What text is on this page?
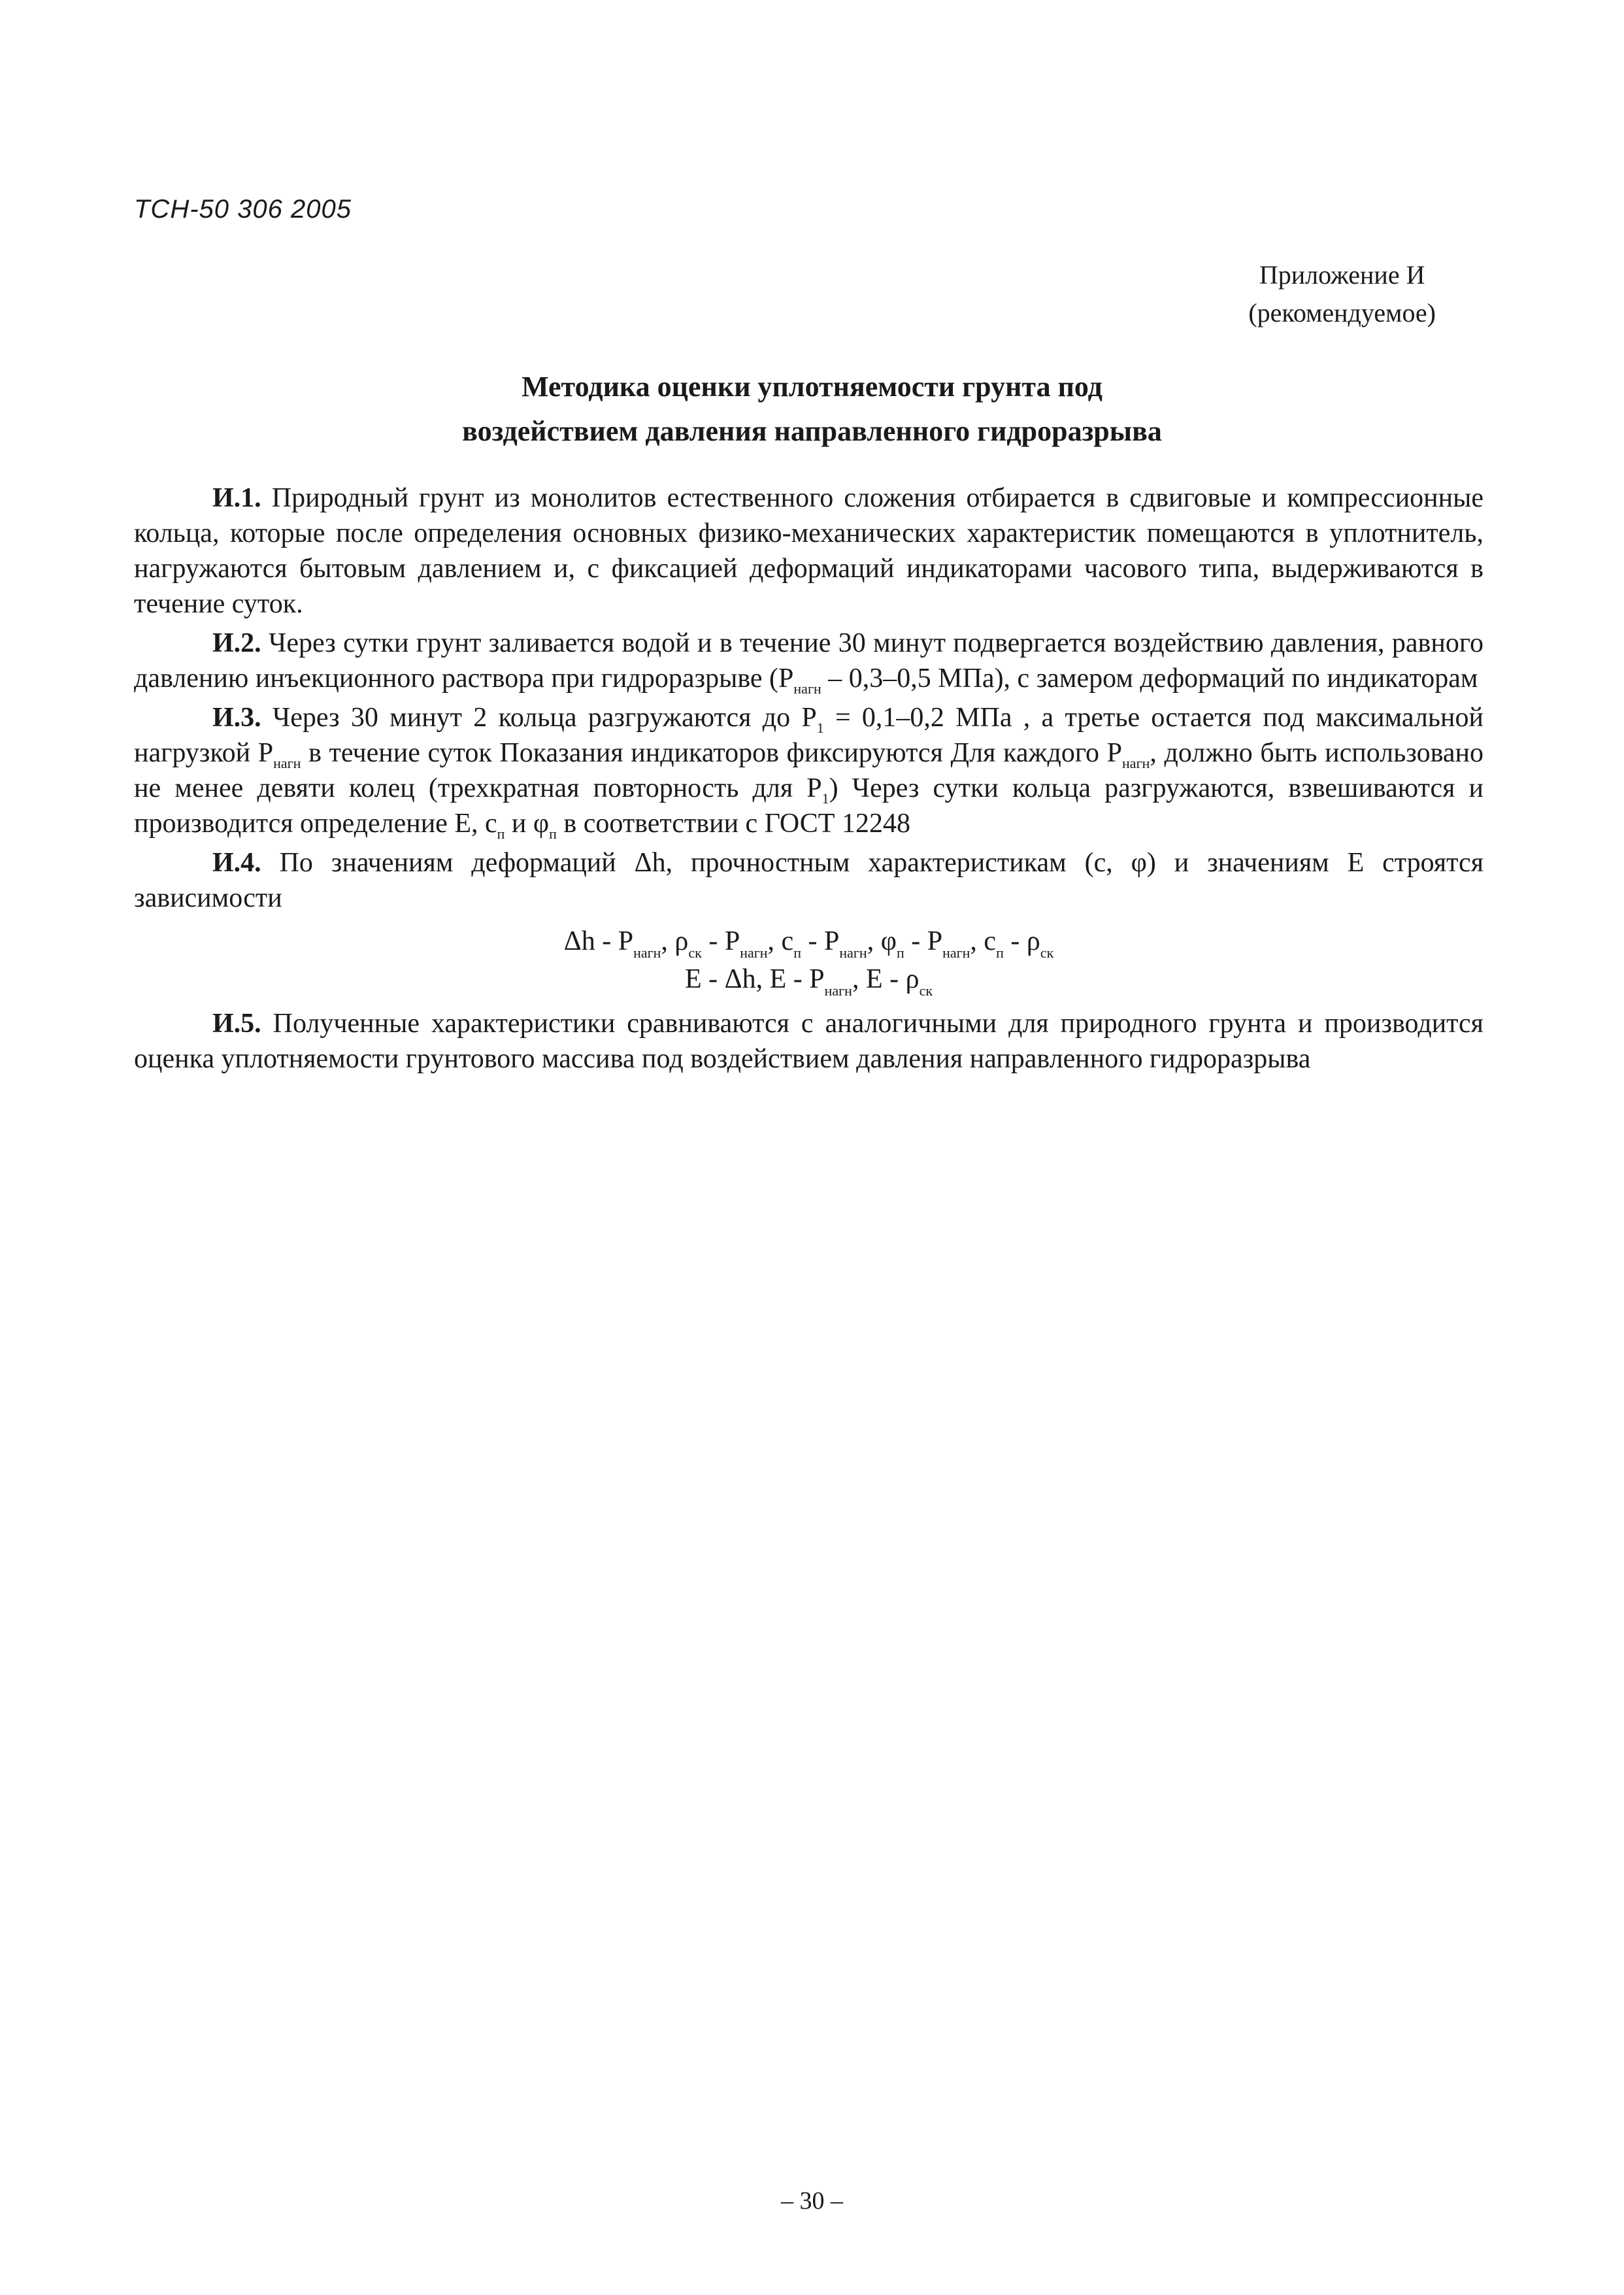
ТСН-50 306 2005
Приложение И
(рекомендуемое)
Методика оценки уплотняемости грунта под
воздействием давления направленного гидроразрыва

И.1. Природный грунт из монолитов естественного сложения отбирается в сдвиговые и компрессионные кольца, которые после определения основных физико-механических характеристик помещаются в уплотнитель, нагружаются бытовым давлением и, с фиксацией деформаций индикаторами часового типа, выдерживаются в течение суток.

И.2. Через сутки грунт заливается водой и в течение 30 минут подвергается воздействию давления, равного давлению инъекционного раствора при гидроразрыве ($P_{нагн} - 0,3-0,5$ МПа), с замером деформаций по индикаторам

И.3. Через 30 минут 2 кольца разгружаются до $P_1 = 0,1-0,2$ МПа , а третье остается под максимальной нагрузкой $P_{нагн}$ в течение суток Показания индикаторов фиксируются Для каждого $P_{нагн}$, должно быть использовано не менее девяти колец (трехкратная повторность для $P_1$) Через сутки кольца разгружаются, взвешиваются и производится определение E, $c_п$ и $\varphi_п$ в соответствии с ГОСТ 12248

И.4. По значениям деформаций Δh, прочностным характеристикам (c, φ) и значениям E строятся зависимости

Δh - $P_{нагн}$, $\rho_{ск} - P_{нагн}$, $c_п - P_{нагн}$, $\varphi_п - P_{нагн}$, $c_п - \rho_{ск}$
E - Δh, E - $P_{нагн}$, E - $\rho_{ск}$

И.5. Полученные характеристики сравниваются с аналогичными для природного грунта и производится оценка уплотняемости грунтового массива под воздействием давления направленного гидроразрыва

– 30 –
